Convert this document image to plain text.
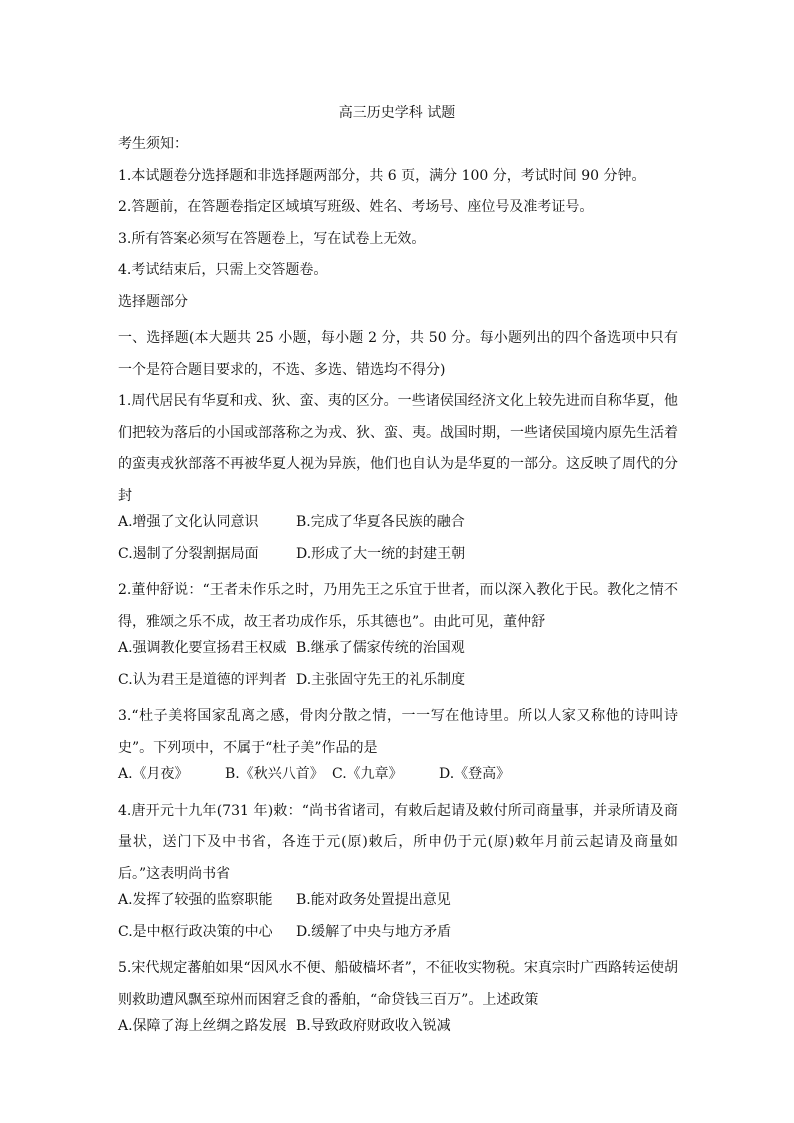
高三历史学科 试题
考生须知：
1.本试题卷分选择题和非选择题两部分，共 6 页，满分 100 分，考试时间 90 分钟。
2.答题前，在答题卷指定区域填写班级、姓名、考场号、座位号及准考证号。
3.所有答案必须写在答题卷上，写在试卷上无效。
4.考试结束后，只需上交答题卷。
选择题部分
一、选择题(本大题共 25 小题，每小题 2 分，共 50 分。每小题列出的四个备选项中只有一个是符合题目要求的，不选、多选、错选均不得分)
1.周代居民有华夏和戎、狄、蛮、夷的区分。一些诸侯国经济文化上较先进而自称华夏，他们把较为落后的小国或部落称之为戎、狄、蛮、夷。战国时期，一些诸侯国境内原先生活着的蛮夷戎狄部落不再被华夏人视为异族，他们也自认为是华夏的一部分。这反映了周代的分封
A.增强了文化认同意识	B.完成了华夏各民族的融合
C.遏制了分裂割据局面	D.形成了大一统的封建王朝
2.董仲舒说：“王者未作乐之时，乃用先王之乐宜于世者，而以深入教化于民。教化之情不得，雅颂之乐不成，故王者功成作乐，乐其德也”。由此可见，董仲舒
A.强调教化要宣扬君王权威 B.继承了儒家传统的治国观
C.认为君王是道德的评判者 D.主张固守先王的礼乐制度
3.“杜子美将国家乱离之感，骨肉分散之情，一一写在他诗里。所以人家又称他的诗叫诗史”。下列项中，不属于“杜子美”作品的是
A.《月夜》	B.《秋兴八首》 C.《九章》	D.《登高》
4.唐开元十九年(731 年)敕：“尚书省诸司，有敕后起请及敕付所司商量事，并录所请及商量状，送门下及中书省，各连于元(原)敕后，所申仍于元(原)敕年月前云起请及商量如后。”这表明尚书省
A.发挥了较强的监察职能	B.能对政务处置提出意见
C.是中枢行政决策的中心	D.缓解了中央与地方矛盾
5.宋代规定蕃舶如果“因风水不便、船破樯坏者”，不征收实物税。宋真宗时广西路转运使胡则救助遭风飘至琼州而困窘乏食的番舶，“命贷钱三百万”。上述政策
A.保障了海上丝绸之路发展 B.导致政府财政收入锐减
